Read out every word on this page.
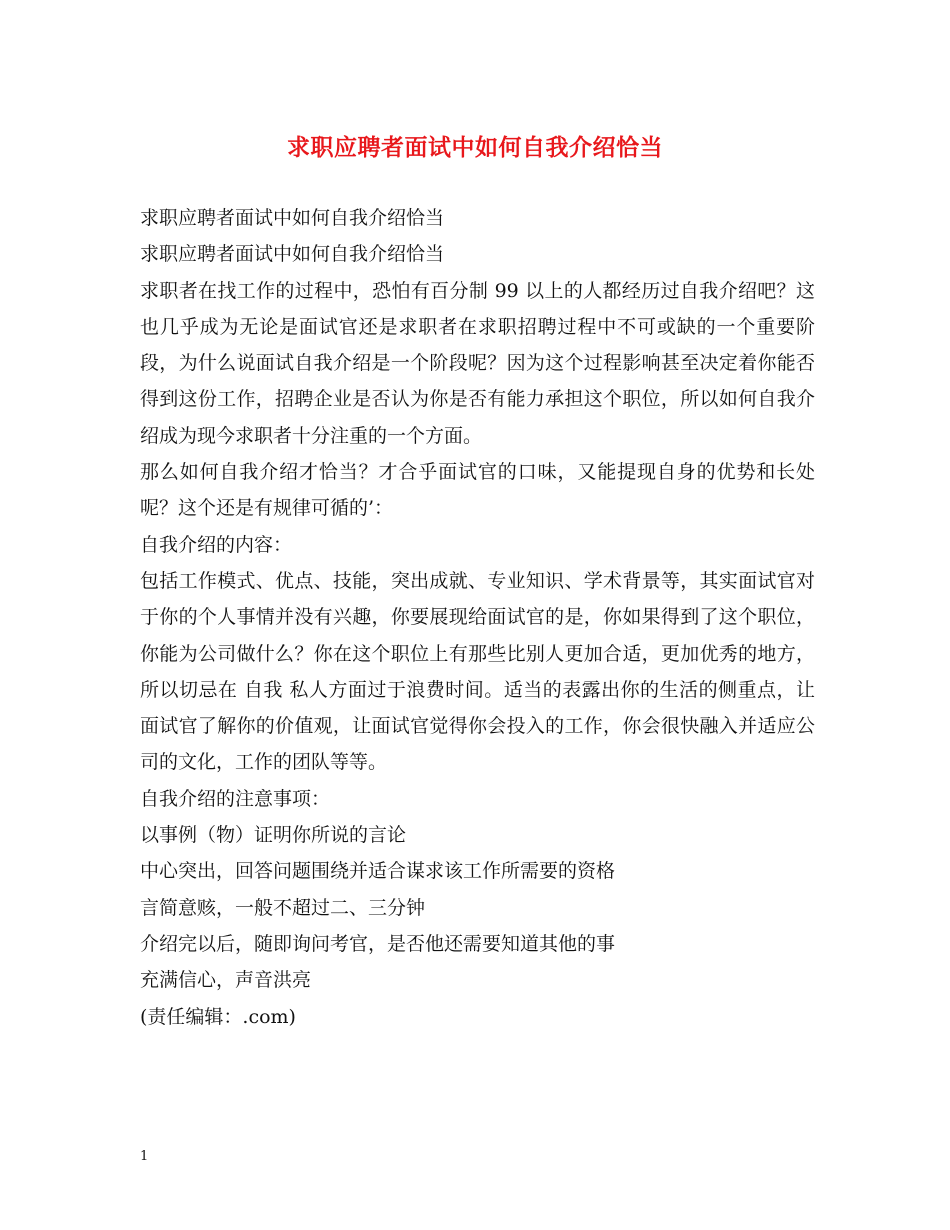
求职应聘者面试中如何自我介绍恰当

求职应聘者面试中如何自我介绍恰当

求职应聘者面试中如何自我介绍恰当

求职者在找工作的过程中，恐怕有百分制 99 以上的人都经历过自我介绍吧？这也几乎成为无论是面试官还是求职者在求职招聘过程中不可或缺的一个重要阶段，为什么说面试自我介绍是一个阶段呢？因为这个过程影响甚至决定着你能否得到这份工作，招聘企业是否认为你是否有能力承担这个职位，所以如何自我介绍成为现今求职者十分注重的一个方面。

那么如何自我介绍才恰当？才合乎面试官的口味，又能提现自身的优势和长处呢？这个还是有规律可循的’：

自我介绍的内容：

包括工作模式、优点、技能，突出成就、专业知识、学术背景等，其实面试官对于你的个人事情并没有兴趣，你要展现给面试官的是，你如果得到了这个职位，你能为公司做什么？你在这个职位上有那些比别人更加合适，更加优秀的地方，所以切忌在 自我 私人方面过于浪费时间。适当的表露出你的生活的侧重点，让面试官了解你的价值观，让面试官觉得你会投入的工作，你会很快融入并适应公司的文化，工作的团队等等。

自我介绍的注意事项：

以事例（物）证明你所说的言论

中心突出，回答问题围绕并适合谋求该工作所需要的资格

言简意赅，一般不超过二、三分钟

介绍完以后，随即询问考官，是否他还需要知道其他的事

充满信心，声音洪亮

(责任编辑：.com)

1
